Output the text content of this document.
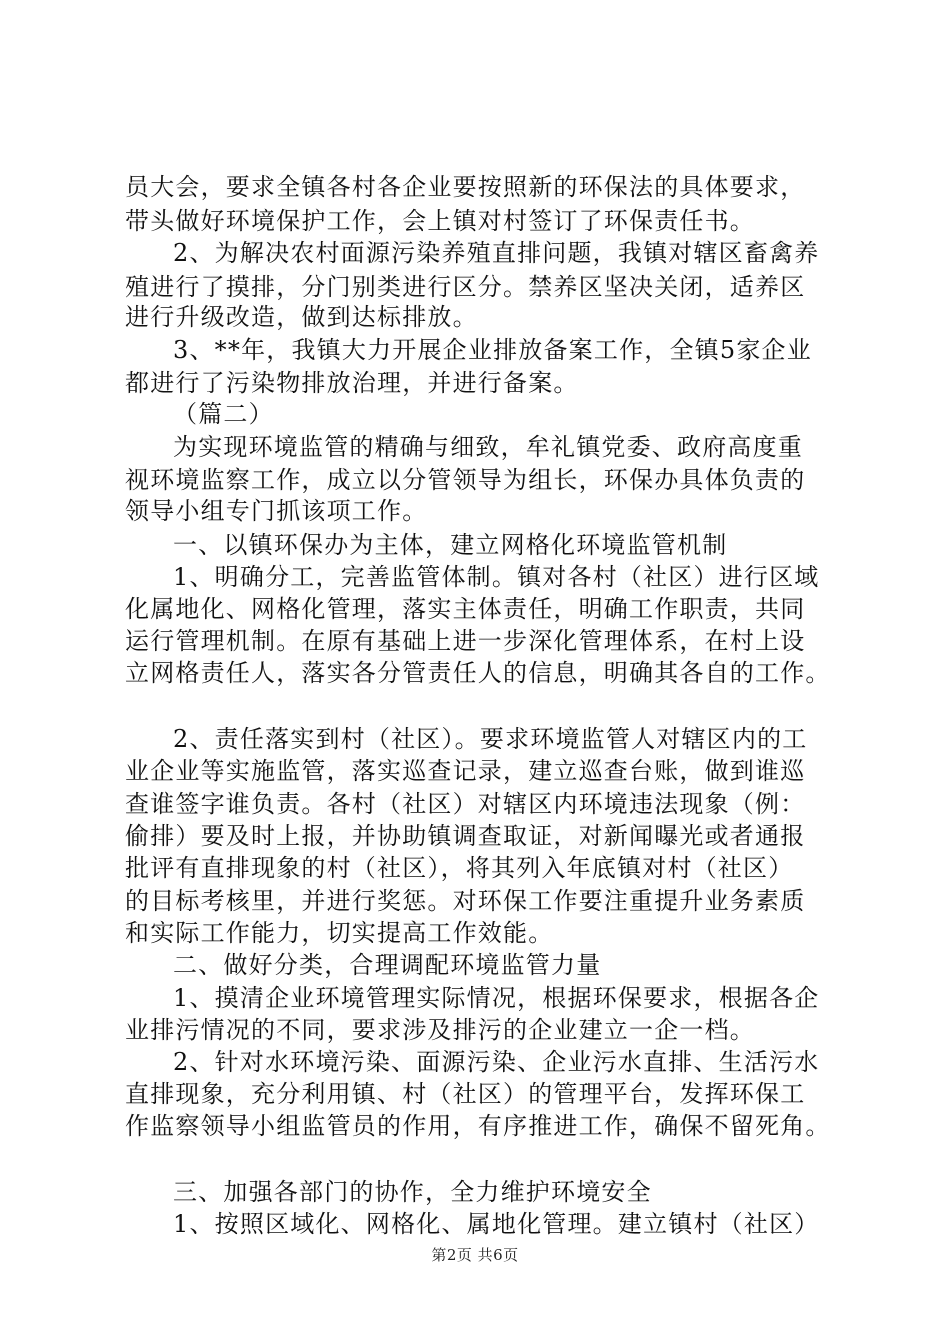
员大会，要求全镇各村各企业要按照新的环保法的具体要求，
带头做好环境保护工作，会上镇对村签订了环保责任书。
2、为解决农村面源污染养殖直排问题，我镇对辖区畜禽养
殖进行了摸排，分门别类进行区分。禁养区坚决关闭，适养区
进行升级改造，做到达标排放。
3、**年，我镇大力开展企业排放备案工作，全镇5家企业
都进行了污染物排放治理，并进行备案。
（篇二）
为实现环境监管的精确与细致，牟礼镇党委、政府高度重
视环境监察工作，成立以分管领导为组长，环保办具体负责的
领导小组专门抓该项工作。
一、以镇环保办为主体，建立网格化环境监管机制
1、明确分工，完善监管体制。镇对各村（社区）进行区域
化属地化、网格化管理，落实主体责任，明确工作职责，共同
运行管理机制。在原有基础上进一步深化管理体系，在村上设
立网格责任人，落实各分管责任人的信息，明确其各自的工作。
2、责任落实到村（社区）。要求环境监管人对辖区内的工
业企业等实施监管，落实巡查记录，建立巡查台账，做到谁巡
查谁签字谁负责。各村（社区）对辖区内环境违法现象（例：
偷排）要及时上报，并协助镇调查取证，对新闻曝光或者通报
批评有直排现象的村（社区），将其列入年底镇对村（社区）
的目标考核里，并进行奖惩。对环保工作要注重提升业务素质
和实际工作能力，切实提高工作效能。
二、做好分类，合理调配环境监管力量
1、摸清企业环境管理实际情况，根据环保要求，根据各企
业排污情况的不同，要求涉及排污的企业建立一企一档。
2、针对水环境污染、面源污染、企业污水直排、生活污水
直排现象，充分利用镇、村（社区）的管理平台，发挥环保工
作监察领导小组监管员的作用，有序推进工作，确保不留死角。
三、加强各部门的协作，全力维护环境安全
1、按照区域化、网格化、属地化管理。建立镇村（社区）
第2页 共6页
